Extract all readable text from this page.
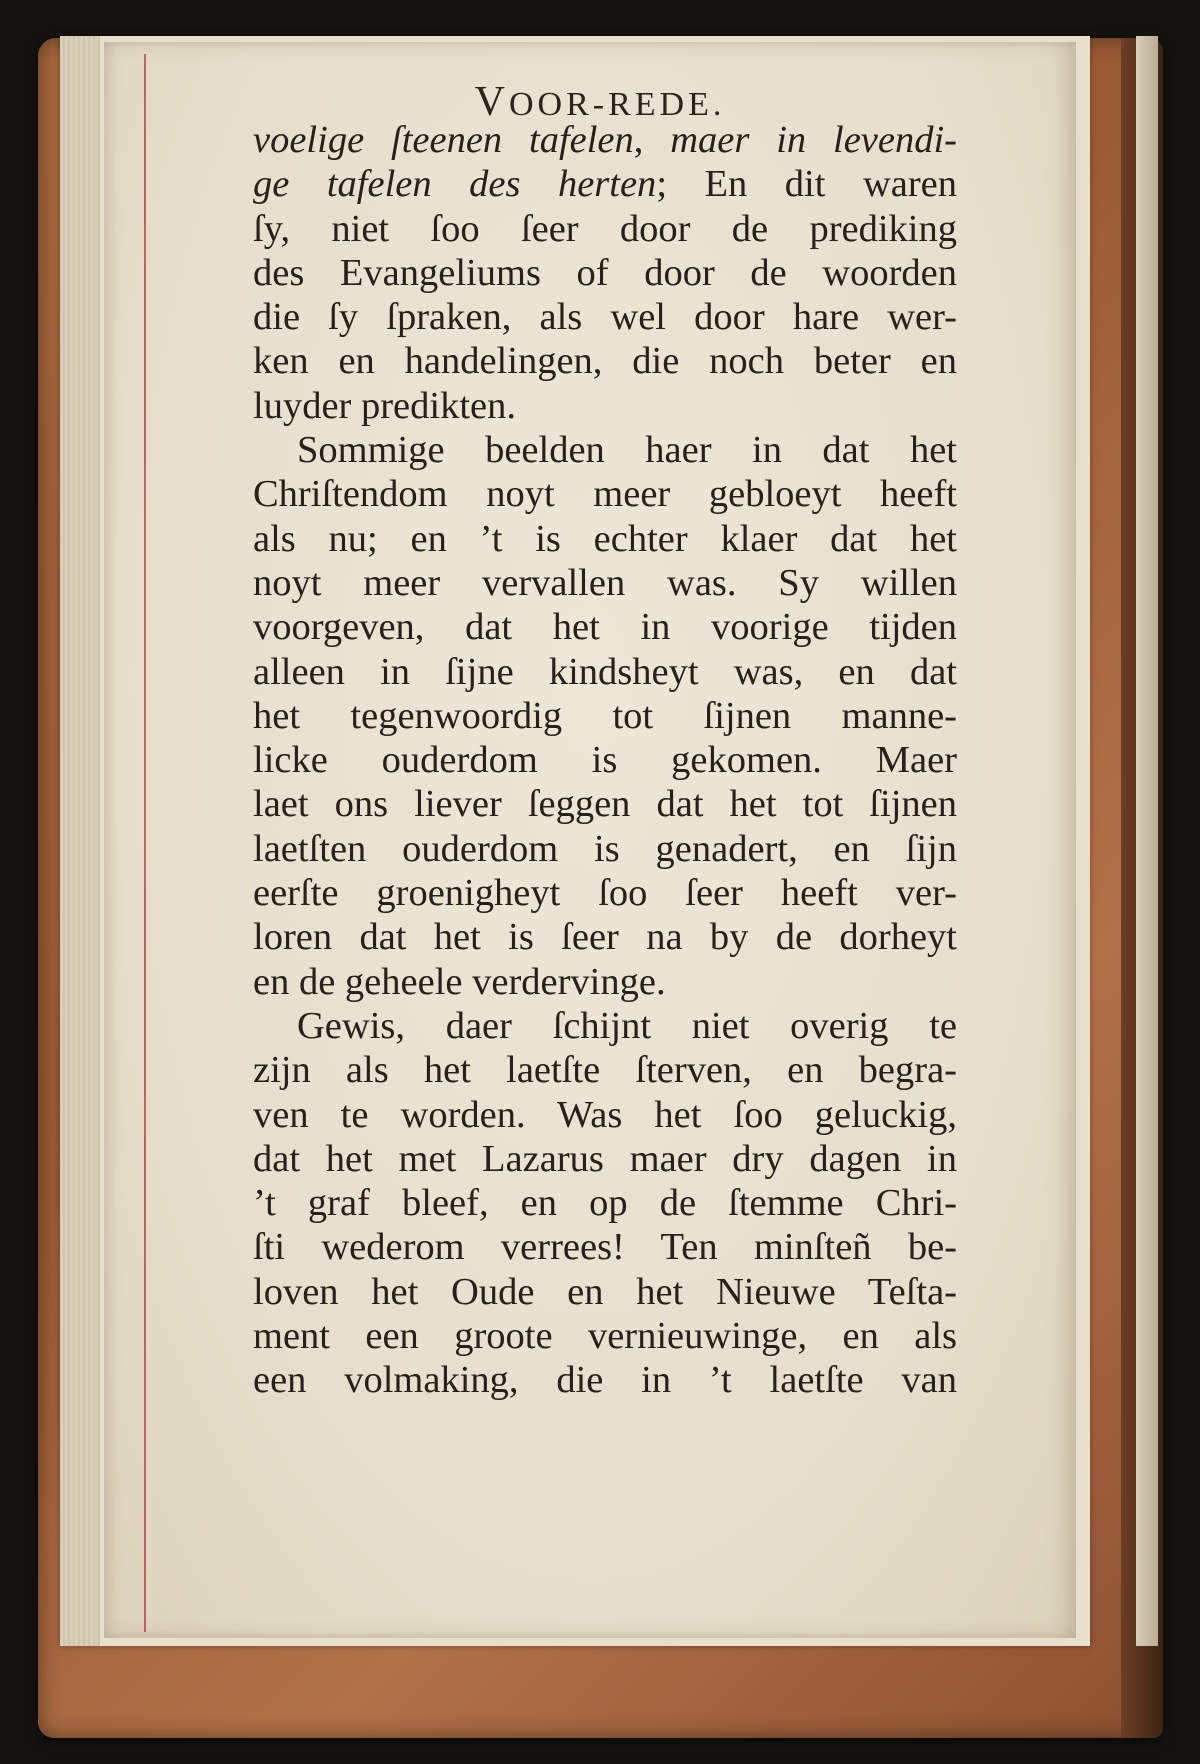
VOOR-REDE.
voelige ſteenen tafelen, maer in levendi-
ge tafelen des herten; En dit waren
ſy, niet ſoo ſeer door de prediking
des Evangeliums of door de woorden
die ſy ſpraken, als wel door hare wer-
ken en handelingen, die noch beter en
luyder predikten.
Sommige beelden haer in dat het
Chriſtendom noyt meer gebloeyt heeft
als nu; en ’t is echter klaer dat het
noyt meer vervallen was. Sy willen
voorgeven, dat het in voorige tijden
alleen in ſijne kindsheyt was, en dat
het tegenwoordig tot ſijnen manne-
licke ouderdom is gekomen. Maer
laet ons liever ſeggen dat het tot ſijnen
laetſten ouderdom is genadert, en ſijn
eerſte groenigheyt ſoo ſeer heeft ver-
loren dat het is ſeer na by de dorheyt
en de geheele verdervinge.
Gewis, daer ſchijnt niet overig te
zijn als het laetſte ſterven, en begra-
ven te worden. Was het ſoo geluckig,
dat het met Lazarus maer dry dagen in
’t graf bleef, en op de ſtemme Chri-
ſti wederom verrees! Ten minſteñ be-
loven het Oude en het Nieuwe Teſta-
ment een groote vernieuwinge, en als
een volmaking, die in ’t laetſte van
